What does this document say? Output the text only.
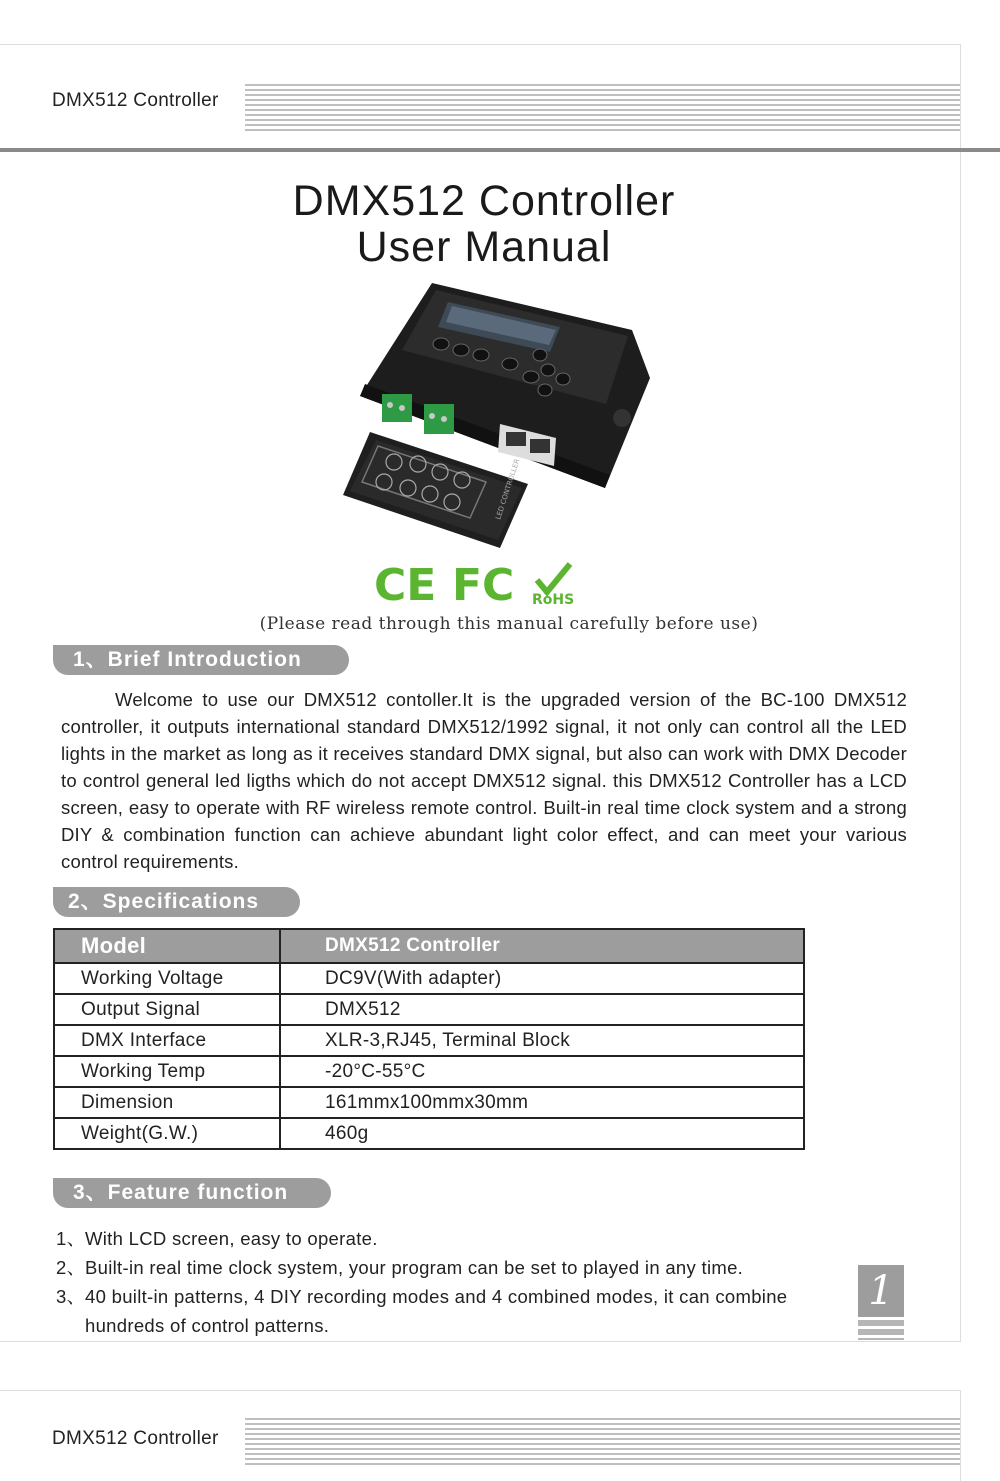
DMX512 Controller
DMX512 Controller
User Manual
LED CONTROLLER
CE FC RoHS
(Please read through this manual carefully before use)
1、Brief Introduction

Welcome to use our DMX512 contoller.It is the upgraded version of the BC-100 DMX512 controller, it outputs international standard DMX512/1992 signal, it not only can control all the LED lights in the market as long as it receives standard DMX signal, but also can work with DMX Decoder to control general led ligths which do not accept DMX512 signal. this DMX512 Controller has a LCD screen, easy to operate with RF wireless remote control. Built-in real time clock system and a strong DIY & combination function can achieve abundant light color effect, and can meet your various control requirements.

2、Specifications
Model	DMX512 Controller
Working Voltage	DC9V(With adapter)
Output Signal	DMX512
DMX Interface	XLR-3,RJ45, Terminal Block
Working Temp	-20°C-55°C
Dimension	161mmx100mmx30mm
Weight(G.W.)	460g
3、Feature function
1、 With LCD screen, easy to operate.
2、 Built-in real time clock system, your program can be set to played in any time.
3、 40 built-in patterns, 4 DIY recording modes and 4 combined modes, it can combine hundreds of control patterns.
1
DMX512 Controller
